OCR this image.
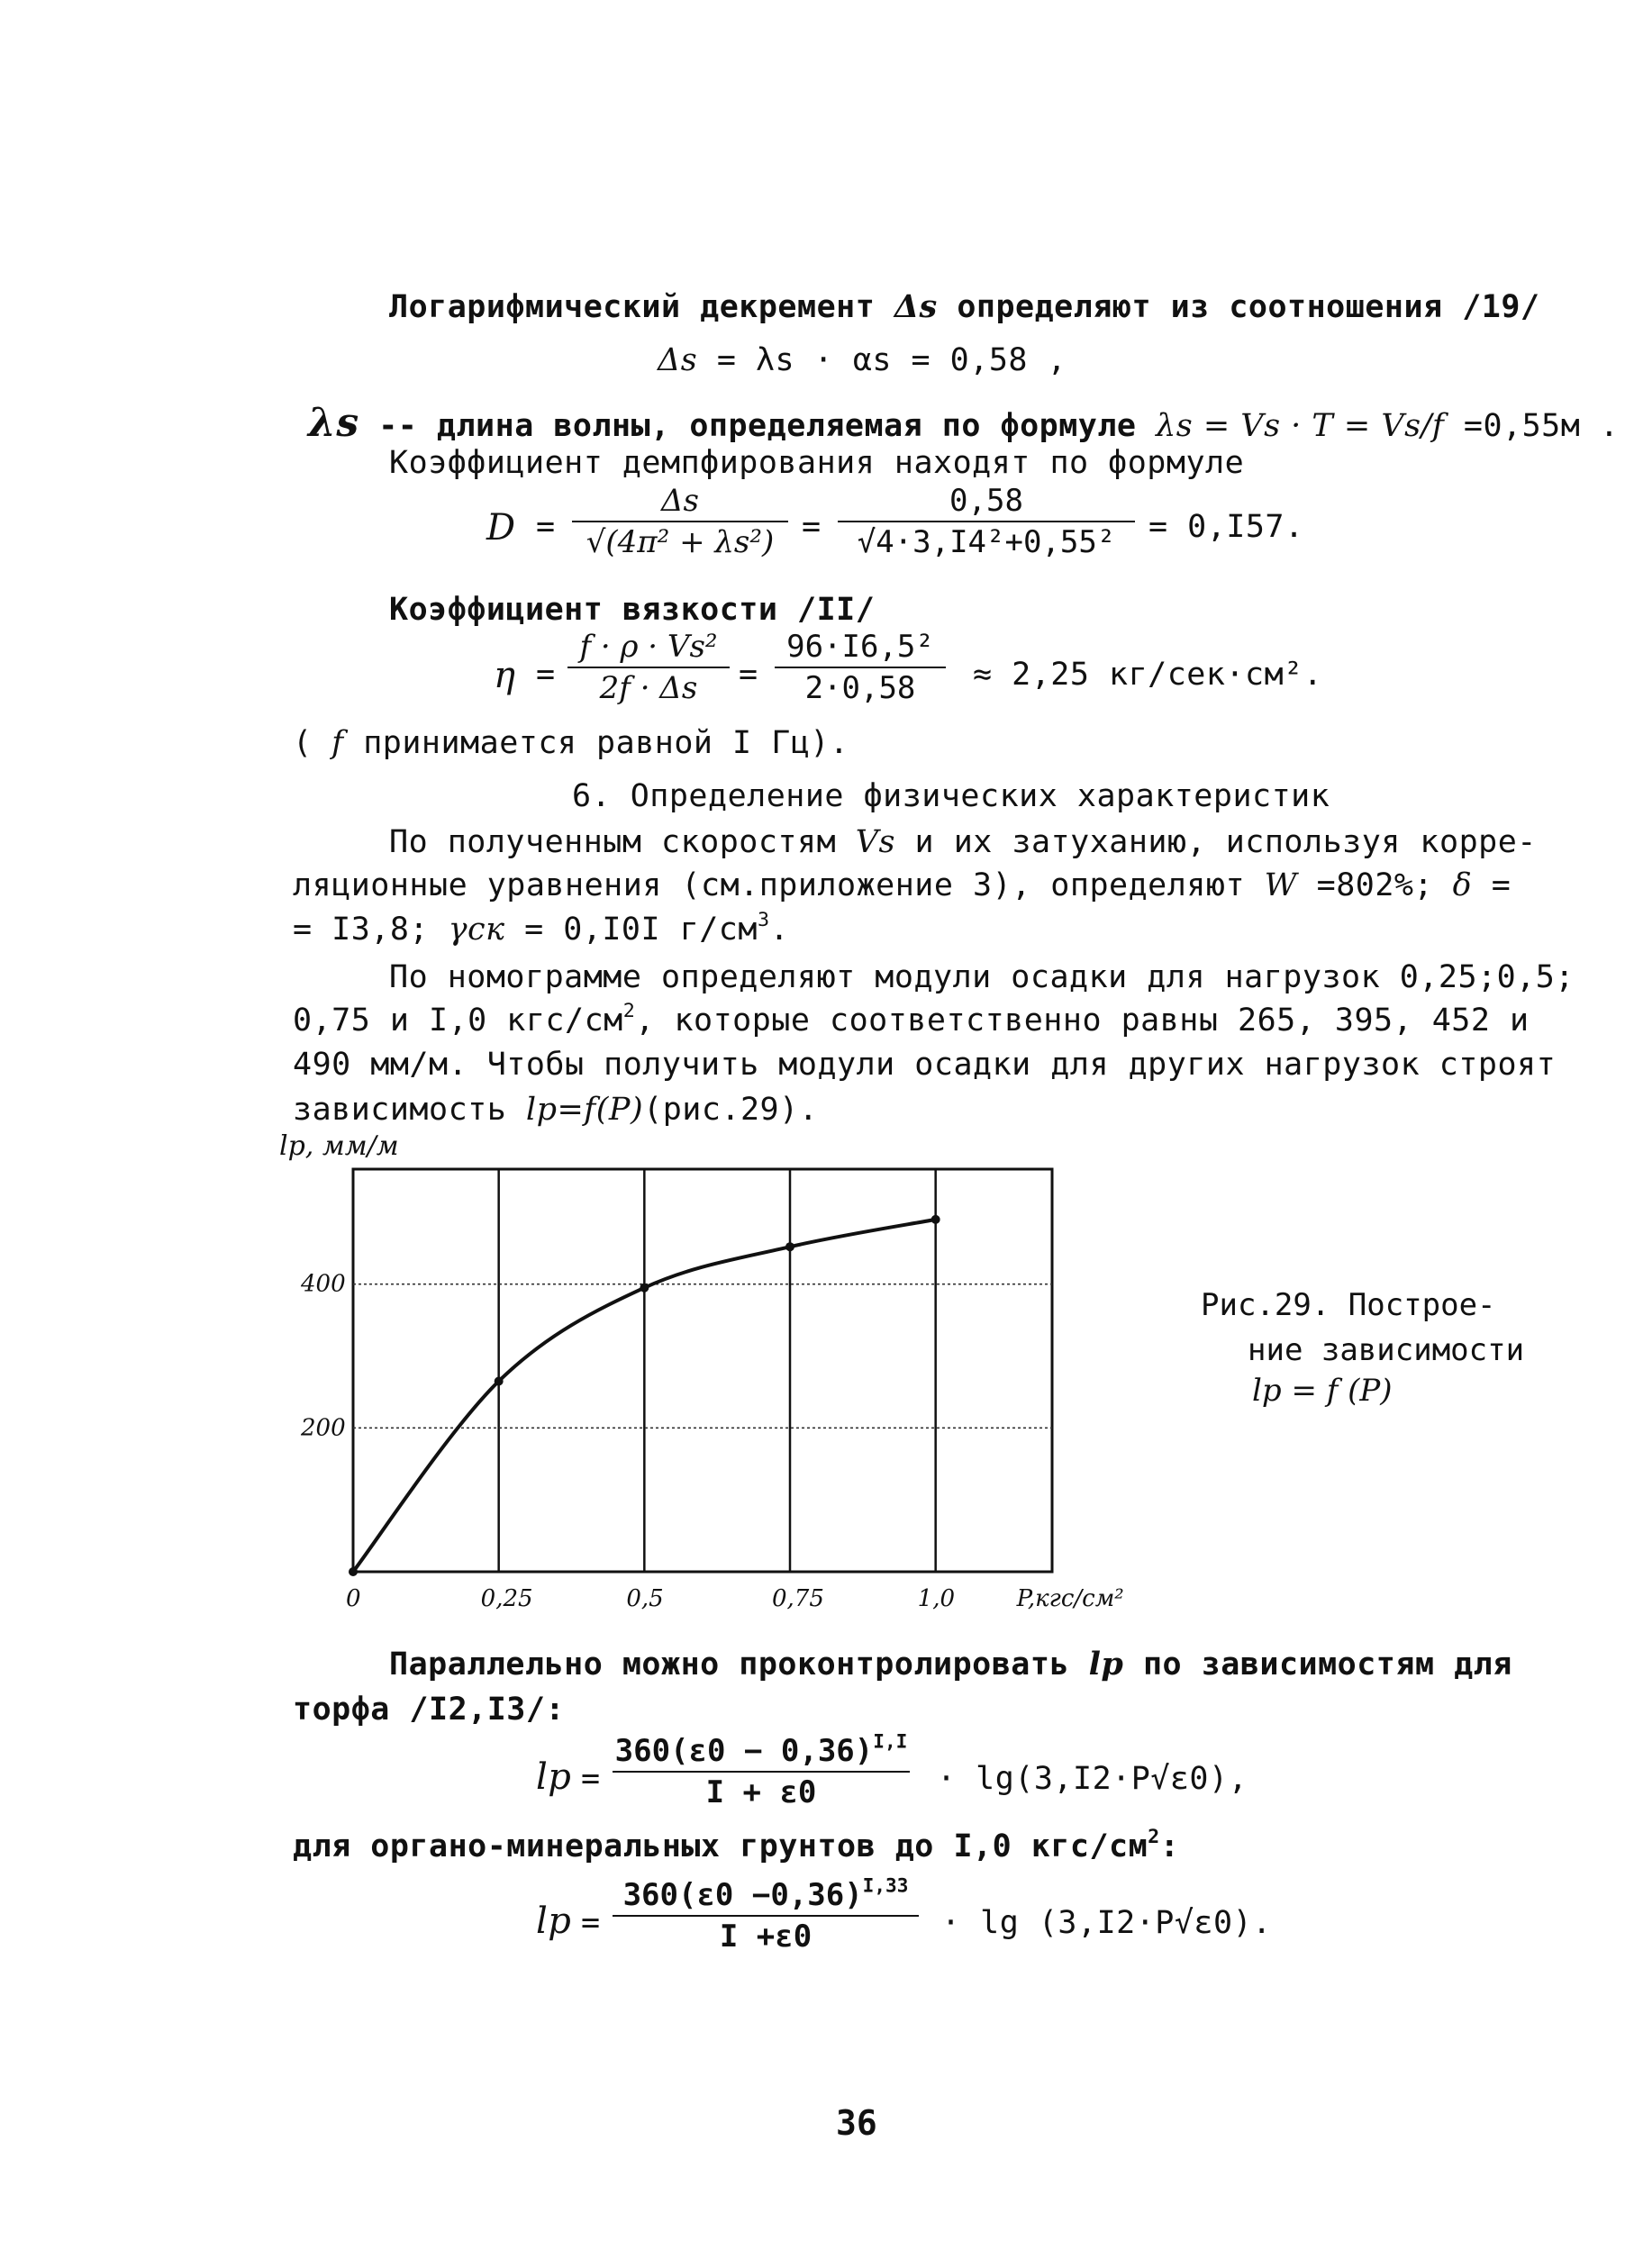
Логарифмический декремент Δs определяют из соотношения /19/
Δs = λs · αs = 0,58 ,
λs -- длина волны, определяемая по формуле λs = Vs · T = Vs/f =0,55м .
Коэффициент демпфирования находят по формуле
D =
Δs
√(4π² + λs²) =
0,58
√4·3,I4²+0,55²	= 0,I57.
Коэффициент вязкости /II/
η =
f · ρ · Vs²
2f · Δs	=
96·I6,5²
2·0,58	≈ 2,25 кг/сек·см².
( f принимается равной I Гц).
6. Определение физических характеристик
По полученным скоростям Vs и их затуханию, используя корре-
ляционные уравнения (см.приложение 3), определяют W =802%; δ =
= I3,8; γск = 0,I0I $г/см^3$.
По номограмме определяют модули осадки для нагрузок 0,25;0,5;
0,75 и I,0 кгс/$см^2$, которые соответственно равны 265, 395, 452 и
490 мм/м. Чтобы получить модули осадки для других нагрузок строят
зависимость lp=f(P)(рис.29).
lp, мм/м
0	0,25	0,5	0,75	1,0	P,кгс/см²
200
400
Рис.29. Построе-
ние зависимости
lp = f (P)
Параллельно можно проконтролировать lp по зависимостям для
торфа /I2,I3/:
lp =
$360(\varepsilon 0 - 0,36)^{I,I}$
I + ε0	· lg(3,I2·P√ε0),
для органо-минеральных грунтов до I,0 кгс/$см^2$:
lp =
$360(\varepsilon 0 -0,36)^{I,33}$
I +ε0	· lg (3,I2·P√ε0).
36
